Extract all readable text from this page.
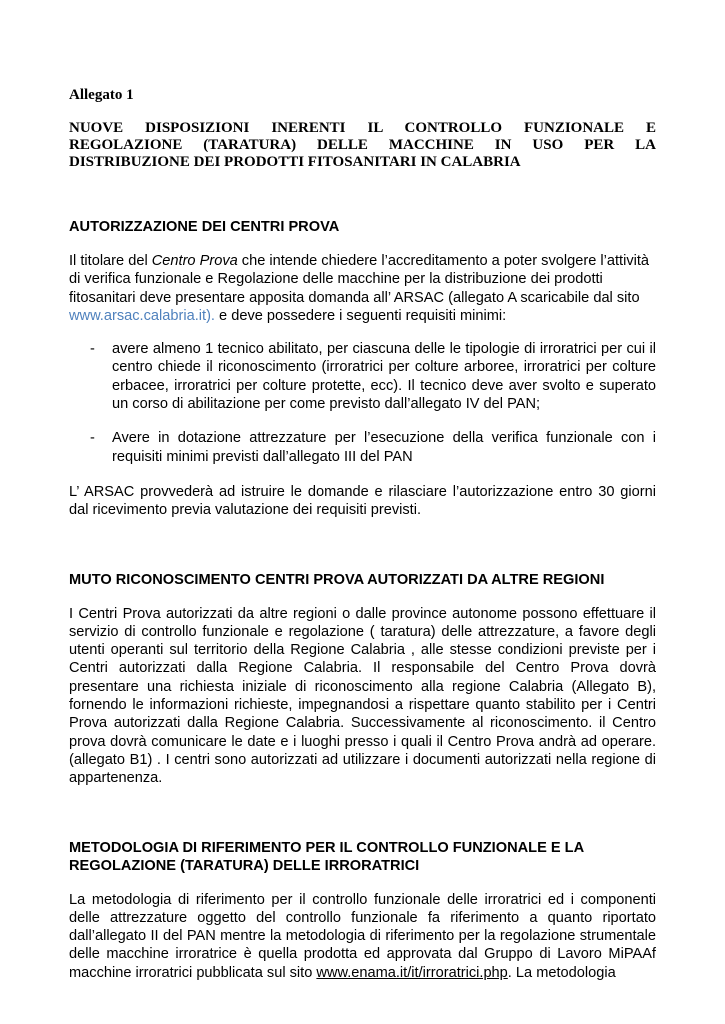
Allegato 1

NUOVE DISPOSIZIONI INERENTI IL CONTROLLO FUNZIONALE E REGOLAZIONE (TARATURA) DELLE MACCHINE IN USO PER LA DISTRIBUZIONE DEI PRODOTTI FITOSANITARI IN CALABRIA

AUTORIZZAZIONE DEI CENTRI PROVA

Il titolare del Centro Prova che intende chiedere l’accreditamento a poter svolgere l’attività di verifica funzionale e Regolazione delle macchine per la distribuzione dei prodotti fitosanitari deve presentare apposita domanda all’ ARSAC (allegato A scaricabile dal sito www.arsac.calabria.it). e deve possedere i seguenti requisiti minimi:

- avere almeno 1 tecnico abilitato, per ciascuna delle le tipologie di irroratrici per cui il centro chiede il riconoscimento (irroratrici per colture arboree, irroratrici per colture erbacee, irroratrici per colture protette, ecc). Il tecnico deve aver svolto e superato un corso di abilitazione per come previsto dall’allegato IV del PAN;
- Avere in dotazione attrezzature per l’esecuzione della verifica funzionale con i requisiti minimi previsti dall’allegato III del PAN

L’ ARSAC provvederà ad istruire le domande e rilasciare l’autorizzazione entro 30 giorni dal ricevimento previa valutazione dei requisiti previsti.

MUTO RICONOSCIMENTO CENTRI PROVA AUTORIZZATI DA ALTRE REGIONI

I Centri Prova autorizzati da altre regioni o dalle province autonome possono effettuare il servizio di controllo funzionale e regolazione ( taratura) delle attrezzature, a favore degli utenti operanti sul territorio della Regione Calabria , alle stesse condizioni previste per i Centri autorizzati dalla Regione Calabria. Il responsabile del Centro Prova dovrà presentare una richiesta iniziale di riconoscimento alla regione Calabria (Allegato B), fornendo le informazioni richieste, impegnandosi a rispettare quanto stabilito per i Centri Prova autorizzati dalla Regione Calabria. Successivamente al riconoscimento. il Centro prova dovrà comunicare le date e i luoghi presso i quali il Centro Prova andrà ad operare. (allegato B1) . I centri sono autorizzati ad utilizzare i documenti autorizzati nella regione di appartenenza.

METODOLOGIA DI RIFERIMENTO PER IL CONTROLLO FUNZIONALE E LA REGOLAZIONE (TARATURA) DELLE IRRORATRICI

La metodologia di riferimento per il controllo funzionale delle irroratrici ed i componenti delle attrezzature oggetto del controllo funzionale fa riferimento a quanto riportato dall’allegato II del PAN mentre la metodologia di riferimento per la regolazione strumentale delle macchine irroratrice è quella prodotta ed approvata dal Gruppo di Lavoro MiPAAf macchine irroratrici pubblicata sul sito www.enama.it/it/irroratrici.php. La metodologia
